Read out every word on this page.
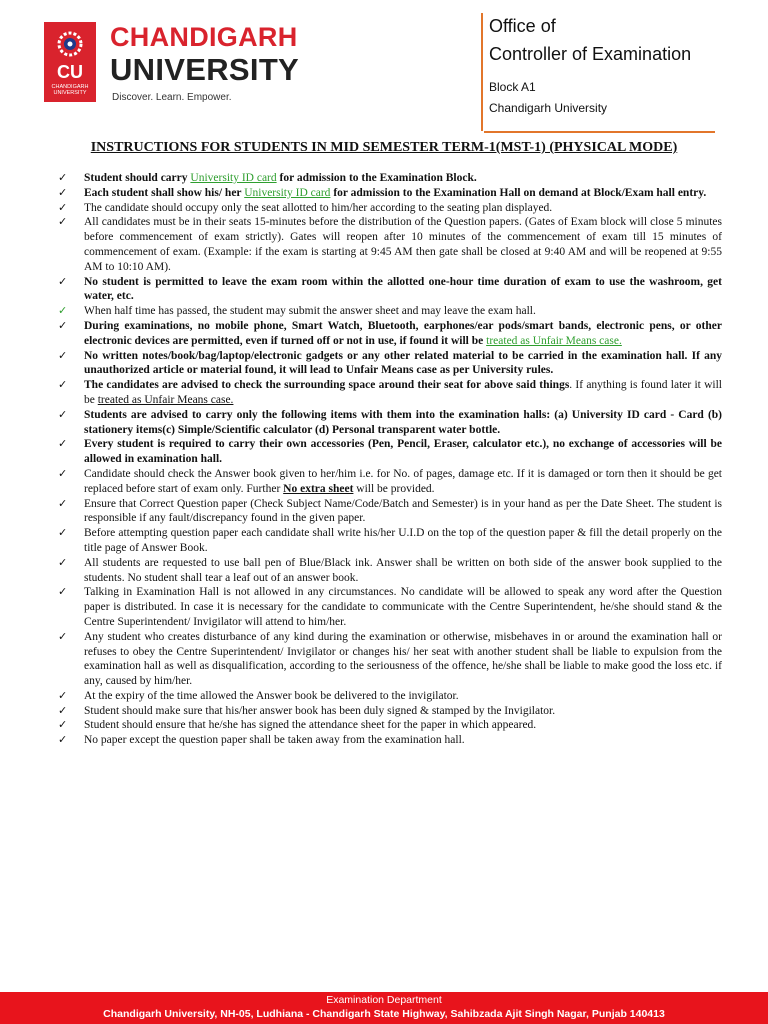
CU
CHANDIGARH
UNIVERSITY
CHANDIGARH
UNIVERSITY
Discover. Learn. Empower.
Office of
Controller of Examination
Block A1
Chandigarh University
INSTRUCTIONS FOR STUDENTS IN MID SEMESTER TERM-1(MST-1) (PHYSICAL MODE)
✓ Student should carry University ID card for admission to the Examination Block.
✓ Each student shall show his/ her University ID card for admission to the Examination Hall on demand at Block/Exam hall entry.
✓ The candidate should occupy only the seat allotted to him/her according to the seating plan displayed.
✓ All candidates must be in their seats 15-minutes before the distribution of the Question papers. (Gates of Exam block will close 5 minutes before commencement of exam strictly). Gates will reopen after 10 minutes of the commencement of exam till 15 minutes of commencement of exam. (Example: if the exam is starting at 9:45 AM then gate shall be closed at 9:40 AM and will be reopened at 9:55 AM to 10:10 AM).
✓ No student is permitted to leave the exam room within the allotted one-hour time duration of exam to use the washroom, get water, etc.
✓ When half time has passed, the student may submit the answer sheet and may leave the exam hall.
✓ During examinations, no mobile phone, Smart Watch, Bluetooth, earphones/ear pods/smart bands, electronic pens, or other electronic devices are permitted, even if turned off or not in use, if found it will be treated as Unfair Means case.
✓ No written notes/book/bag/laptop/electronic gadgets or any other related material to be carried in the examination hall. If any unauthorized article or material found, it will lead to Unfair Means case as per University rules.
✓ The candidates are advised to check the surrounding space around their seat for above said things. If anything is found later it will be treated as Unfair Means case.
✓ Students are advised to carry only the following items with them into the examination halls: (a) University ID card - Card (b) stationery items(c) Simple/Scientific calculator (d) Personal transparent water bottle.
✓ Every student is required to carry their own accessories (Pen, Pencil, Eraser, calculator etc.), no exchange of accessories will be allowed in examination hall.
✓ Candidate should check the Answer book given to her/him i.e. for No. of pages, damage etc. If it is damaged or torn then it should be get replaced before start of exam only. Further No extra sheet will be provided.
✓ Ensure that Correct Question paper (Check Subject Name/Code/Batch and Semester) is in your hand as per the Date Sheet. The student is responsible if any fault/discrepancy found in the given paper.
✓ Before attempting question paper each candidate shall write his/her U.I.D on the top of the question paper & fill the detail properly on the title page of Answer Book.
✓ All students are requested to use ball pen of Blue/Black ink. Answer shall be written on both side of the answer book supplied to the students. No student shall tear a leaf out of an answer book.
✓ Talking in Examination Hall is not allowed in any circumstances. No candidate will be allowed to speak any word after the Question paper is distributed. In case it is necessary for the candidate to communicate with the Centre Superintendent, he/she should stand & the Centre Superintendent/ Invigilator will attend to him/her.
✓ Any student who creates disturbance of any kind during the examination or otherwise, misbehaves in or around the examination hall or refuses to obey the Centre Superintendent/ Invigilator or changes his/ her seat with another student shall be liable to expulsion from the examination hall as well as disqualification, according to the seriousness of the offence, he/she shall be liable to make good the loss etc. if any, caused by him/her.
✓ At the expiry of the time allowed the Answer book be delivered to the invigilator.
✓ Student should make sure that his/her answer book has been duly signed & stamped by the Invigilator.
✓ Student should ensure that he/she has signed the attendance sheet for the paper in which appeared.
✓ No paper except the question paper shall be taken away from the examination hall.
Examination Department
Chandigarh University, NH-05, Ludhiana - Chandigarh State Highway, Sahibzada Ajit Singh Nagar, Punjab 140413
